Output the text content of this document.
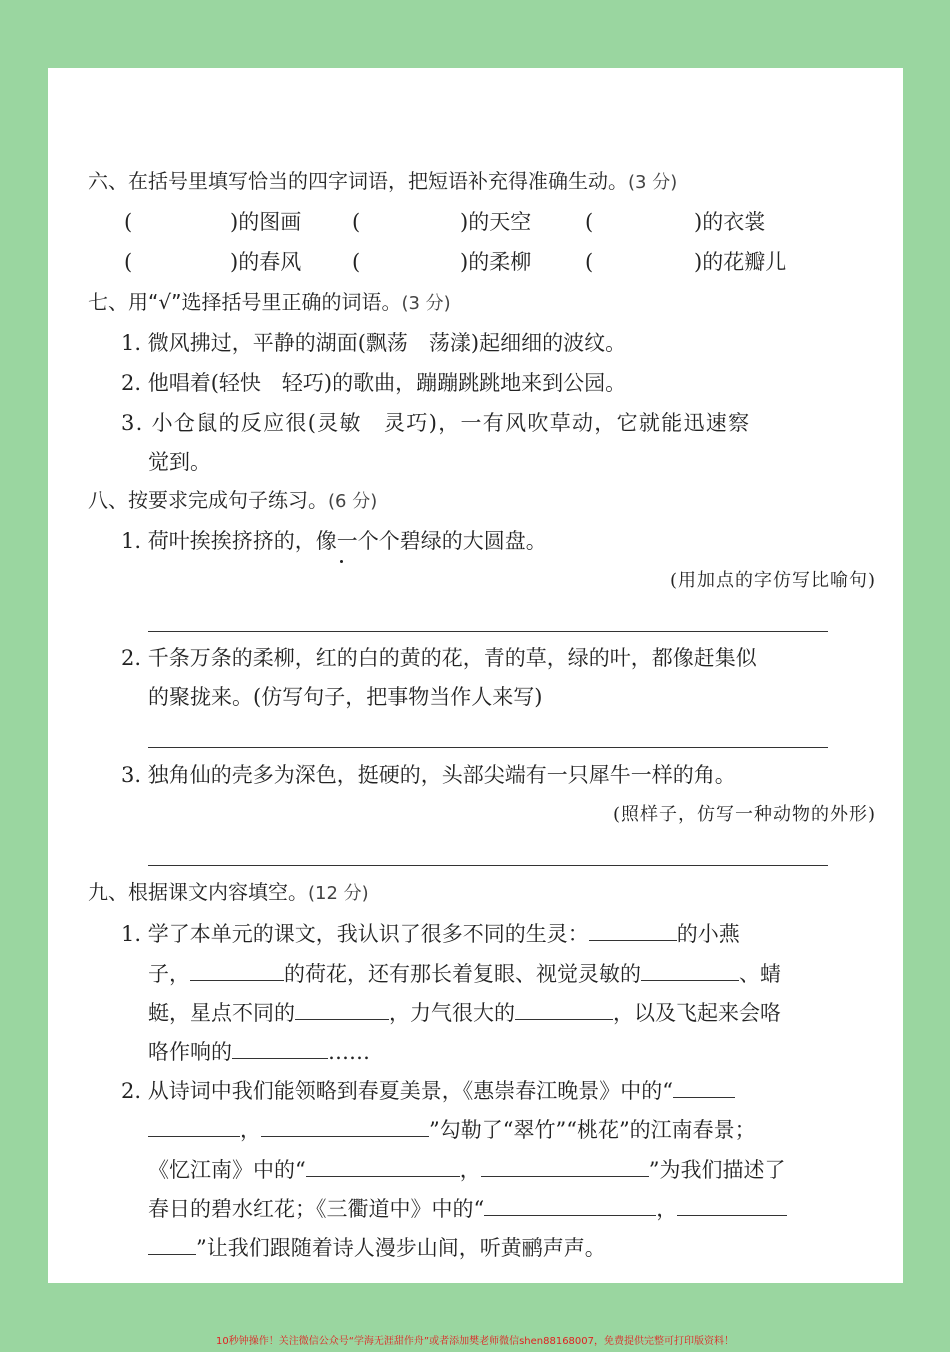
六、在括号里填写恰当的四字词语，把短语补充得准确生动。(3 分)
(	)的图画 (	)的天空	(	)的衣裳
(	)的春风 (	)的柔柳	(	)的花瓣儿
七、用“√”选择括号里正确的词语。(3 分)
1. 微风拂过，平静的湖面(飘荡　荡漾)起细细的波纹。
2. 他唱着(轻快　轻巧)的歌曲，蹦蹦跳跳地来到公园。
3. 小仓鼠的反应很(灵敏　灵巧)，一有风吹草动，它就能迅速察
觉到。
八、按要求完成句子练习。(6 分)
1. 荷叶挨挨挤挤的，像一个个碧绿的大圆盘。
(用加点的字仿写比喻句)
2. 千条万条的柔柳，红的白的黄的花，青的草，绿的叶，都像赶集似
的聚拢来。(仿写句子，把事物当作人来写)
3. 独角仙的壳多为深色，挺硬的，头部尖端有一只犀牛一样的角。
(照样子，仿写一种动物的外形)
九、根据课文内容填空。(12 分)
1. 学了本单元的课文，我认识了很多不同的生灵：	的小燕
子，	的荷花，还有那长着复眼、视觉灵敏的	、蜻
蜓，星点不同的	，力气很大的	，以及飞起来会咯
咯作响的	……
2. 从诗词中我们能领略到春夏美景，《惠崇春江晚景》中的“
，	”勾勒了“翠竹”“桃花”的江南春景；
《忆江南》中的“	，	”为我们描述了
春日的碧水红花；《三衢道中》中的“	，
”让我们跟随着诗人漫步山间，听黄鹂声声。
10秒钟操作！关注微信公众号“学海无涯甜作舟”或者添加樊老师微信shen88168007，免费提供完整可打印版资料！
